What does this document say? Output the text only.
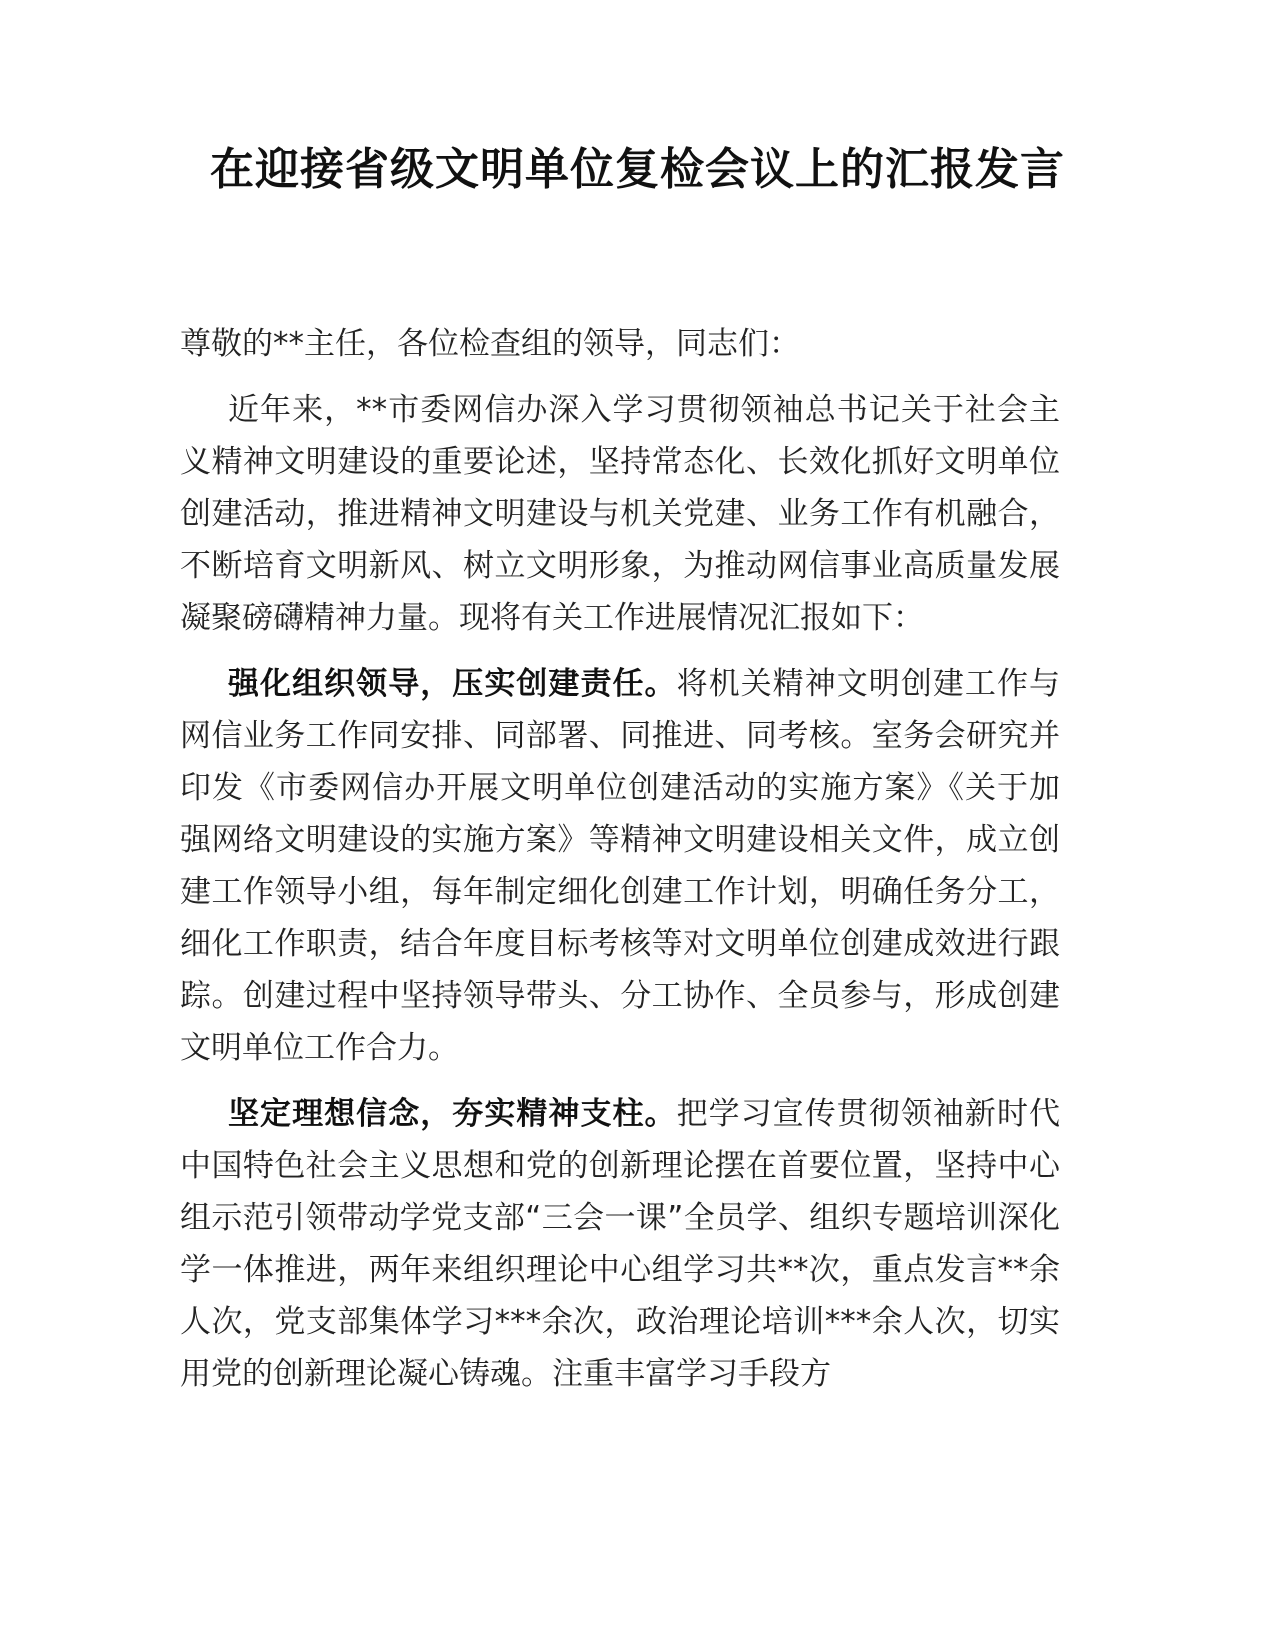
在迎接省级文明单位复检会议上的汇报发言

尊敬的**主任，各位检查组的领导，同志们：

近年来，**市委网信办深入学习贯彻领袖总书记关于社会主义精神文明建设的重要论述，坚持常态化、长效化抓好文明单位创建活动，推进精神文明建设与机关党建、业务工作有机融合，不断培育文明新风、树立文明形象，为推动网信事业高质量发展凝聚磅礴精神力量。现将有关工作进展情况汇报如下：

强化组织领导，压实创建责任。将机关精神文明创建工作与网信业务工作同安排、同部署、同推进、同考核。室务会研究并印发《市委网信办开展文明单位创建活动的实施方案》《关于加强网络文明建设的实施方案》等精神文明建设相关文件，成立创建工作领导小组，每年制定细化创建工作计划，明确任务分工，细化工作职责，结合年度目标考核等对文明单位创建成效进行跟踪。创建过程中坚持领导带头、分工协作、全员参与，形成创建文明单位工作合力。

坚定理想信念，夯实精神支柱。把学习宣传贯彻领袖新时代中国特色社会主义思想和党的创新理论摆在首要位置，坚持中心组示范引领带动学党支部“三会一课”全员学、组织专题培训深化学一体推进，两年来组织理论中心组学习共**次，重点发言**余人次，党支部集体学习***余次，政治理论培训***余人次，切实用党的创新理论凝心铸魂。注重丰富学习手段方
